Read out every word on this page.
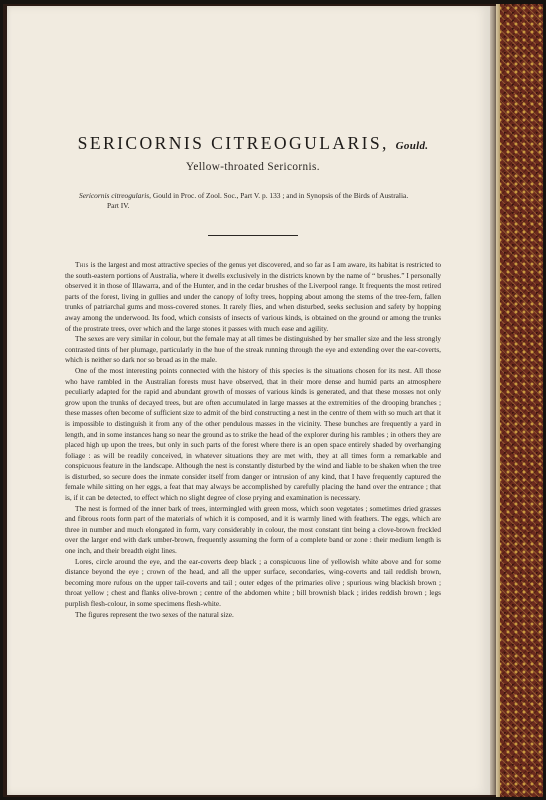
SERICORNIS CITREOGULARIS, Gould.
Yellow-throated Sericornis.
Sericornis citreogularis, Gould in Proc. of Zool. Soc., Part V. p. 133 ; and in Synopsis of the Birds of Australia.
Part IV.

This is the largest and most attractive species of the genus yet discovered, and so far as I am aware, its habitat is restricted to the south-eastern portions of Australia, where it dwells exclusively in the districts known by the name of “ brushes.” I personally observed it in those of Illawarra, and of the Hunter, and in the cedar brushes of the Liverpool range. It frequents the most retired parts of the forest, living in gullies and under the canopy of lofty trees, hopping about among the stems of the tree-fern, fallen trunks of patriarchal gums and moss-covered stones. It rarely flies, and when disturbed, seeks seclusion and safety by hopping away among the underwood. Its food, which consists of insects of various kinds, is obtained on the ground or among the trunks of the prostrate trees, over which and the large stones it passes with much ease and agility.

The sexes are very similar in colour, but the female may at all times be distinguished by her smaller size and the less strongly contrasted tints of her plumage, particularly in the hue of the streak running through the eye and extending over the ear-coverts, which is neither so dark nor so broad as in the male.

One of the most interesting points connected with the history of this species is the situations chosen for its nest. All those who have rambled in the Australian forests must have observed, that in their more dense and humid parts an atmosphere peculiarly adapted for the rapid and abundant growth of mosses of various kinds is generated, and that these mosses not only grow upon the trunks of decayed trees, but are often accumulated in large masses at the extremities of the drooping branches ; these masses often become of sufficient size to admit of the bird constructing a nest in the centre of them with so much art that it is impossible to distinguish it from any of the other pendulous masses in the vicinity. These bunches are frequently a yard in length, and in some instances hang so near the ground as to strike the head of the explorer during his rambles ; in others they are placed high up upon the trees, but only in such parts of the forest where there is an open space entirely shaded by overhanging foliage : as will be readily conceived, in whatever situations they are met with, they at all times form a remarkable and conspicuous feature in the landscape. Although the nest is constantly disturbed by the wind and liable to be shaken when the tree is disturbed, so secure does the inmate consider itself from danger or intrusion of any kind, that I have frequently captured the female while sitting on her eggs, a feat that may always be accomplished by carefully placing the hand over the entrance ; that is, if it can be detected, to effect which no slight degree of close prying and examination is necessary.

The nest is formed of the inner bark of trees, intermingled with green moss, which soon vegetates ; sometimes dried grasses and fibrous roots form part of the materials of which it is composed, and it is warmly lined with feathers. The eggs, which are three in number and much elongated in form, vary considerably in colour, the most constant tint being a clove-brown freckled over the larger end with dark umber-brown, frequently assuming the form of a complete band or zone : their medium length is one inch, and their breadth eight lines.

Lores, circle around the eye, and the ear-coverts deep black ; a conspicuous line of yellowish white above and for some distance beyond the eye ; crown of the head, and all the upper surface, secondaries, wing-coverts and tail reddish brown, becoming more rufous on the upper tail-coverts and tail ; outer edges of the primaries olive ; spurious wing blackish brown ; throat yellow ; chest and flanks olive-brown ; centre of the abdomen white ; bill brownish black ; irides reddish brown ; legs purplish flesh-colour, in some specimens flesh-white.

The figures represent the two sexes of the natural size.
